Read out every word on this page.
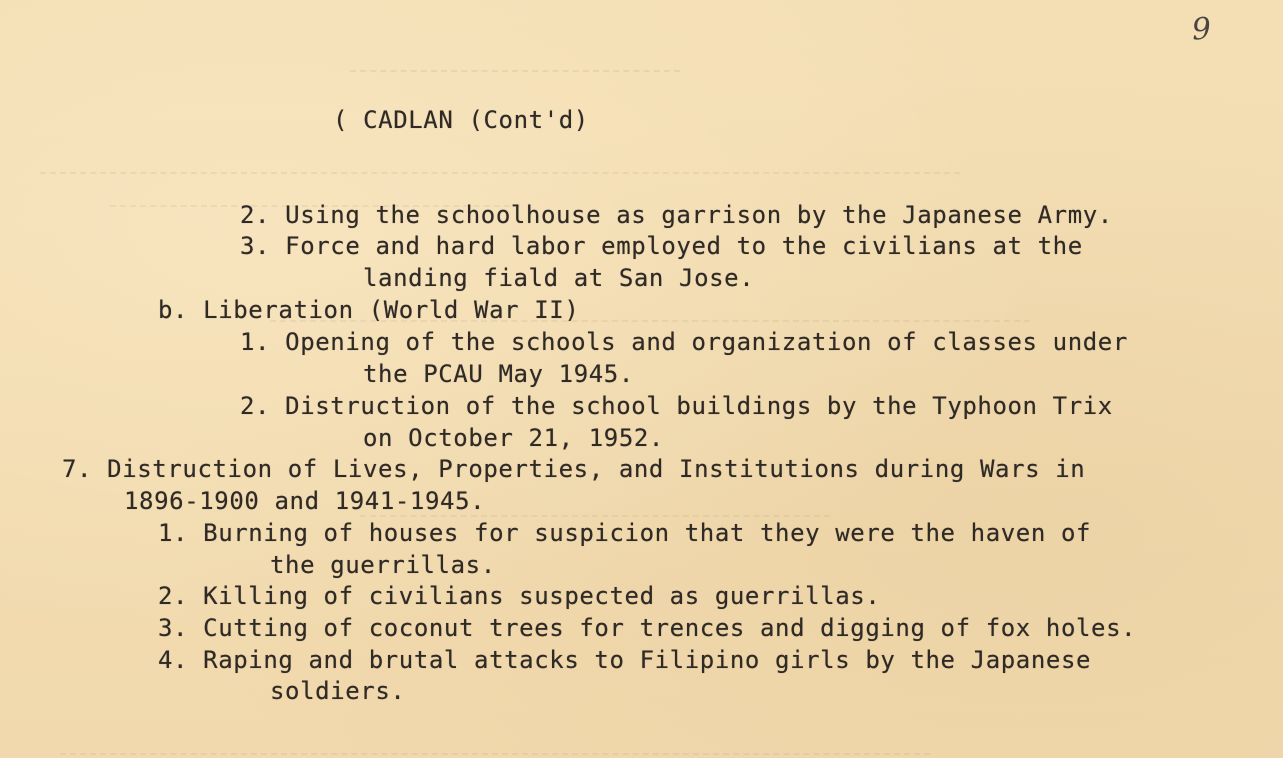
9
( CADLAN (Cont'd)
2. Using the schoolhouse as garrison by the Japanese Army.
3. Force and hard labor employed to the civilians at the
landing fiald at San Jose.
b. Liberation (World War II)
1. Opening of the schools and organization of classes under
the PCAU May 1945.
2. Distruction of the school buildings by the Typhoon Trix
on October 21, 1952.
7. Distruction of Lives, Properties, and Institutions during Wars in
1896-1900 and 1941-1945.
1. Burning of houses for suspicion that they were the haven of
the guerrillas.
2. Killing of civilians suspected as guerrillas.
3. Cutting of coconut trees for trences and digging of fox holes.
4. Raping and brutal attacks to Filipino girls by the Japanese
soldiers.
